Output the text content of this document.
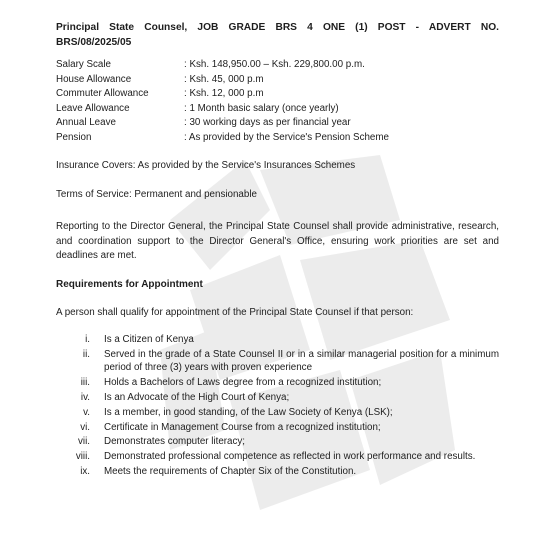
Principal State Counsel, JOB GRADE BRS 4 ONE (1) POST - ADVERT NO.

BRS/08/2025/05

Salary Scale	: Ksh. 148,950.00 – Ksh. 229,800.00 p.m.
House Allowance	: Ksh. 45, 000 p.m
Commuter Allowance	: Ksh. 12, 000 p.m
Leave Allowance	: 1 Month basic salary (once yearly)
Annual Leave	: 30 working days as per financial year
Pension	: As provided by the Service's Pension Scheme

Insurance Covers: As provided by the Service's Insurances Schemes

Terms of Service: Permanent and pensionable

Reporting to the Director General, the Principal State Counsel shall provide administrative, research, and coordination support to the Director General's Office, ensuring work priorities are set and deadlines are met.

Requirements for Appointment

A person shall qualify for appointment of the Principal State Counsel if that person:

i.	Is a Citizen of Kenya
ii.	Served in the grade of a State Counsel II or in a similar managerial position for a minimum period of three (3) years with proven experience
iii.	Holds a Bachelors of Laws degree from a recognized institution;
iv.	Is an Advocate of the High Court of Kenya;
v.	Is a member, in good standing, of the Law Society of Kenya (LSK);
vi.	Certificate in Management Course from a recognized institution;
vii.	Demonstrates computer literacy;
viii.	Demonstrated professional competence as reflected in work performance and results.
ix.	Meets the requirements of Chapter Six of the Constitution.
